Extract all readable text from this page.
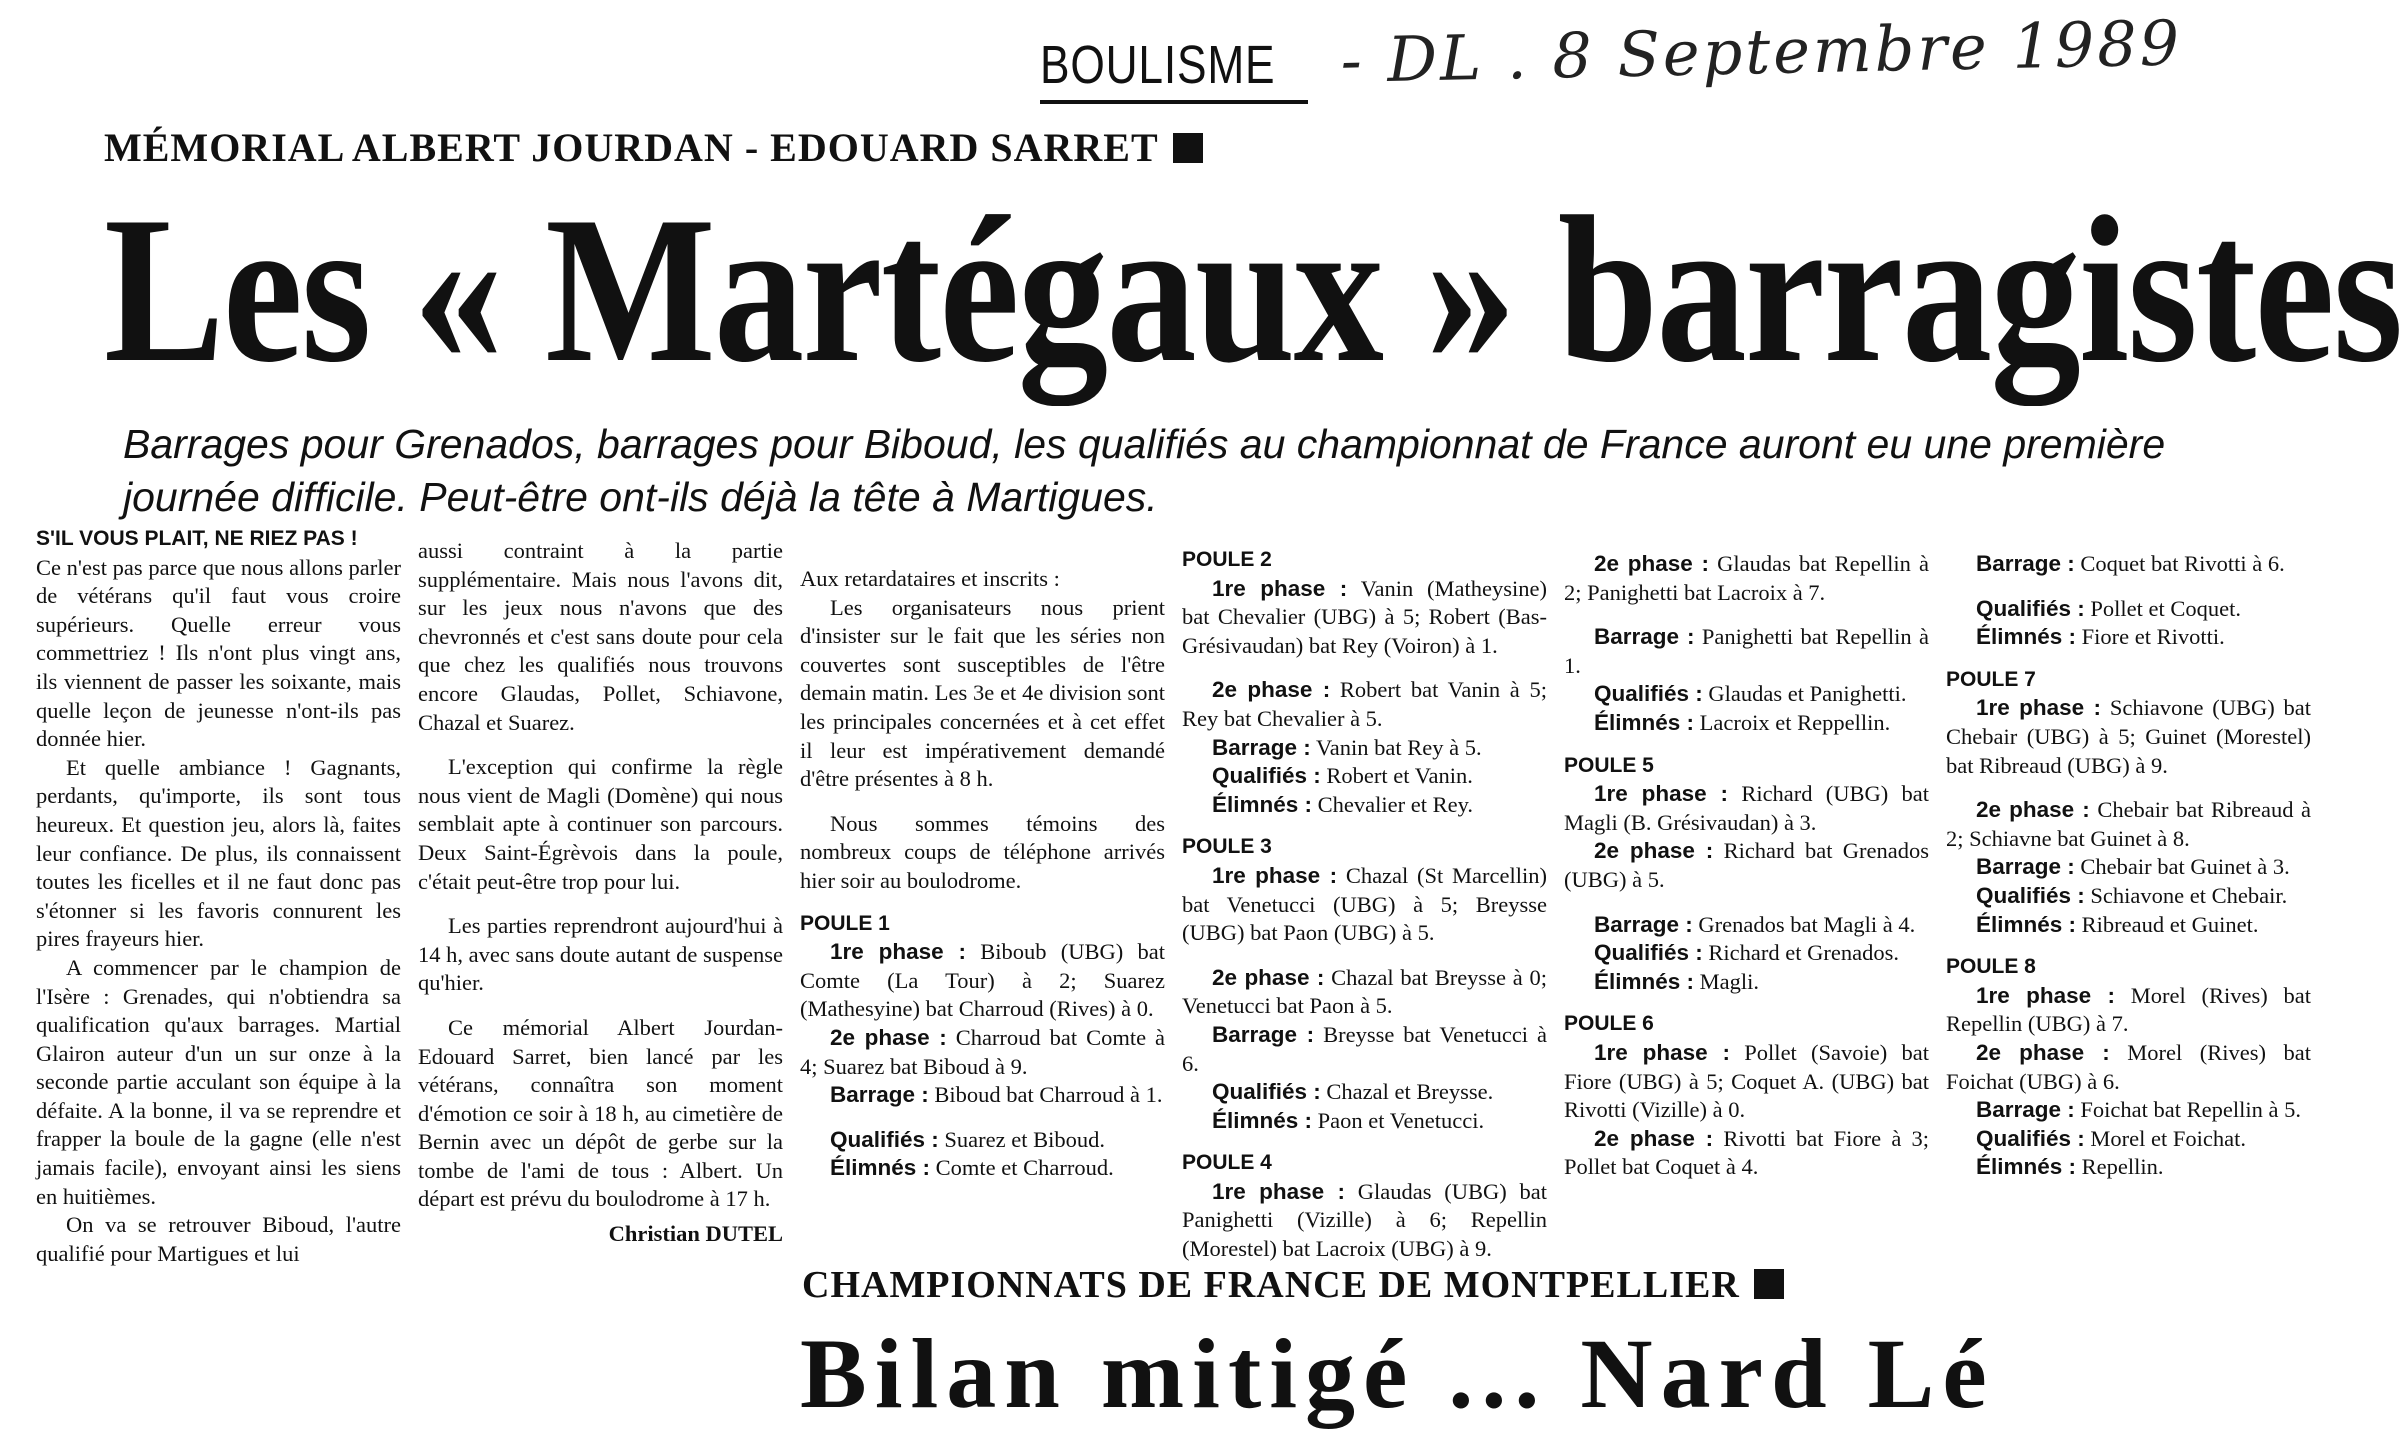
BOULISME - DL . 8 Septembre 1989
MÉMORIAL ALBERT JOURDAN - EDOUARD SARRET
Les « Martégaux » barragistes
Barrages pour Grenados, barrages pour Biboud, les qualifiés au championnat de France auront eu une première journée difficile. Peut-être ont-ils déjà la tête à Martigues.

S'IL VOUS PLAIT, NE RIEZ PAS !

Ce n'est pas parce que nous allons parler de vétérans qu'il faut vous croire supérieurs. Quelle erreur vous commettriez ! Ils n'ont plus vingt ans, ils viennent de passer les soixante, mais quelle leçon de jeunesse n'ont-ils pas donnée hier.

Et quelle ambiance ! Gagnants, perdants, qu'importe, ils sont tous heureux. Et question jeu, alors là, faites leur confiance. De plus, ils connaissent toutes les ficelles et il ne faut donc pas s'étonner si les favoris connurent les pires frayeurs hier.

A commencer par le champion de l'Isère : Grenades, qui n'obtiendra sa qualification qu'aux barrages. Martial Glairon auteur d'un un sur onze à la seconde partie acculant son équipe à la défaite. A la bonne, il va se reprendre et frapper la boule de la gagne (elle n'est jamais facile), envoyant ainsi les siens en huitièmes.

On va se retrouver Biboud, l'autre qualifié pour Martigues et lui

aussi contraint à la partie supplémentaire. Mais nous l'avons dit, sur les jeux nous n'avons que des chevronnés et c'est sans doute pour cela que chez les qualifiés nous trouvons encore Glaudas, Pollet, Schiavone, Chazal et Suarez.

L'exception qui confirme la règle nous vient de Magli (Domène) qui nous semblait apte à continuer son parcours. Deux Saint-Égrèvois dans la poule, c'était peut-être trop pour lui.

Les parties reprendront aujourd'hui à 14 h, avec sans doute autant de suspense qu'hier.

Ce mémorial Albert Jourdan-Edouard Sarret, bien lancé par les vétérans, connaîtra son moment d'émotion ce soir à 18 h, au cimetière de Bernin avec un dépôt de gerbe sur la tombe de l'ami de tous : Albert. Un départ est prévu du boulodrome à 17 h.

Christian DUTEL

Aux retardataires et inscrits :

Les organisateurs nous prient d'insister sur le fait que les séries non couvertes sont susceptibles de l'être demain matin. Les 3e et 4e division sont les principales concernées et à cet effet il leur est impérativement demandé d'être présentes à 8 h.

Nous sommes témoins des nombreux coups de téléphone arrivés hier soir au boulodrome.

POULE 1

1re phase : Biboub (UBG) bat Comte (La Tour) à 2; Suarez (Mathesyine) bat Charroud (Rives) à 0.

2e phase : Charroud bat Comte à 4; Suarez bat Biboud à 9.

Barrage : Biboud bat Charroud à 1.

Qualifiés : Suarez et Biboud.

Élimnés : Comte et Charroud.

POULE 2

1re phase : Vanin (Matheysine) bat Chevalier (UBG) à 5; Robert (Bas-Grésivaudan) bat Rey (Voiron) à 1.

2e phase : Robert bat Vanin à 5; Rey bat Chevalier à 5.

Barrage : Vanin bat Rey à 5.

Qualifiés : Robert et Vanin.

Élimnés : Chevalier et Rey.

POULE 3

1re phase : Chazal (St Marcellin) bat Venetucci (UBG) à 5; Breysse (UBG) bat Paon (UBG) à 5.

2e phase : Chazal bat Breysse à 0; Venetucci bat Paon à 5.

Barrage : Breysse bat Venetucci à 6.

Qualifiés : Chazal et Breysse.

Élimnés : Paon et Venetucci.

POULE 4

1re phase : Glaudas (UBG) bat Panighetti (Vizille) à 6; Repellin (Morestel) bat Lacroix (UBG) à 9.

2e phase : Glaudas bat Repellin à 2; Panighetti bat Lacroix à 7.

Barrage : Panighetti bat Repellin à 1.

Qualifiés : Glaudas et Panighetti.

Élimnés : Lacroix et Reppellin.

POULE 5

1re phase : Richard (UBG) bat Magli (B. Grésivaudan) à 3.

2e phase : Richard bat Grenados (UBG) à 5.

Barrage : Grenados bat Magli à 4.

Qualifiés : Richard et Grenados.

Élimnés : Magli.

POULE 6

1re phase : Pollet (Savoie) bat Fiore (UBG) à 5; Coquet A. (UBG) bat Rivotti (Vizille) à 0.

2e phase : Rivotti bat Fiore à 3; Pollet bat Coquet à 4.

Barrage : Coquet bat Rivotti à 6.

Qualifiés : Pollet et Coquet.

Élimnés : Fiore et Rivotti.

POULE 7

1re phase : Schiavone (UBG) bat Chebair (UBG) à 5; Guinet (Morestel) bat Ribreaud (UBG) à 9.

2e phase : Chebair bat Ribreaud à 2; Schiavne bat Guinet à 8.

Barrage : Chebair bat Guinet à 3.

Qualifiés : Schiavone et Chebair.

Élimnés : Ribreaud et Guinet.

POULE 8

1re phase : Morel (Rives) bat Repellin (UBG) à 7.

2e phase : Morel (Rives) bat Foichat (UBG) à 6.

Barrage : Foichat bat Repellin à 5.

Qualifiés : Morel et Foichat.

Élimnés : Repellin.

CHAMPIONNATS DE FRANCE DE MONTPELLIER
Bilan mitigé ... Nard Lé
